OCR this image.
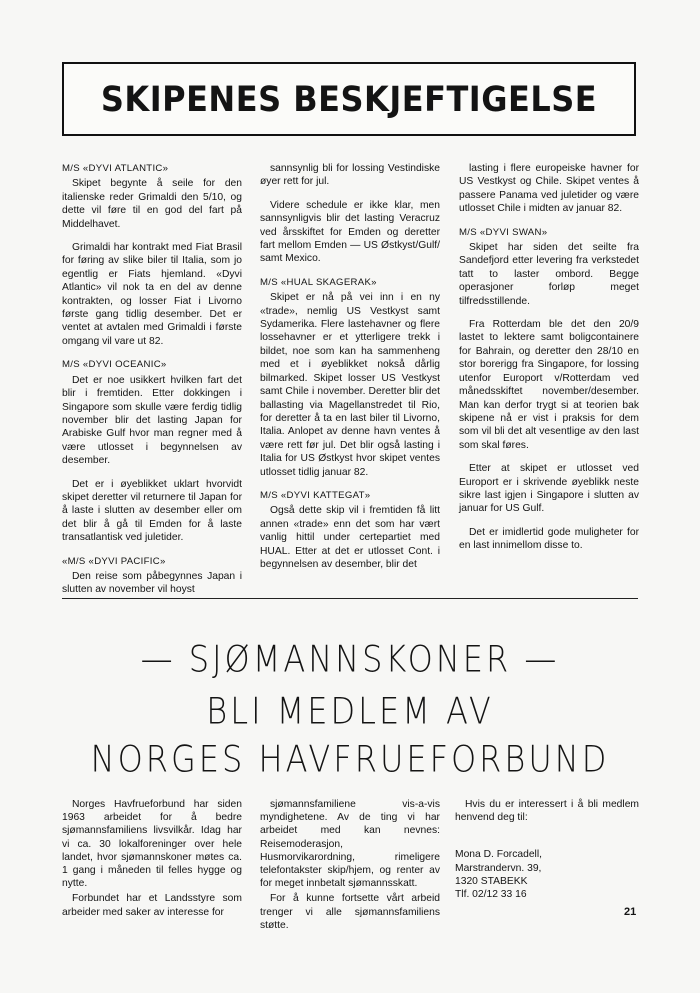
SKIPENES BESKJEFTIGELSE

M/S «DYVI ATLANTIC»

Skipet begynte å seile for den italienske reder Grimaldi den 5/10, og dette vil føre til en god del fart på Middelhavet.

Grimaldi har kontrakt med Fiat Brasil for føring av slike biler til Italia, som jo egentlig er Fiats hjemland. «Dyvi Atlantic» vil nok ta en del av denne kontrakten, og losser Fiat i Livorno første gang tidlig desember. Det er ventet at avtalen med Grimaldi i første omgang vil vare ut 82.

M/S «DYVI OCEANIC»

Det er noe usikkert hvilken fart det blir i fremtiden. Etter dokkingen i Singapore som skulle være ferdig tidlig november blir det lasting Japan for Arabiske Gulf hvor man regner med å være utlosset i begynnelsen av desember.

Det er i øyeblikket uklart hvorvidt skipet deretter vil returnere til Japan for å laste i slutten av desember eller om det blir å gå til Emden for å laste transatlantisk ved juletider.

«M/S «DYVI PACIFIC»

Den reise som påbegynnes Japan i slutten av november vil hoyst

sannsynlig bli for lossing Vestindiske øyer rett for jul.

Videre schedule er ikke klar, men sannsynligvis blir det lasting Veracruz ved årsskiftet for Emden og deretter fart mellom Emden — US Østkyst/Gulf/ samt Mexico.

M/S «HUAL SKAGERAK»

Skipet er nå på vei inn i en ny «trade», nemlig US Vestkyst samt Sydamerika. Flere lastehavner og flere lossehavner er et ytterligere trekk i bildet, noe som kan ha sammenheng med et i øyeblikket nokså dårlig bilmarked. Skipet losser US Vestkyst samt Chile i november. Deretter blir det ballasting via Magellanstredet til Rio, for deretter å ta en last biler til Livorno, Italia. Anlopet av denne havn ventes å være rett før jul. Det blir også lasting i Italia for US Østkyst hvor skipet ventes utlosset tidlig januar 82.

M/S «DYVI KATTEGAT»

Også dette skip vil i fremtiden få litt annen «trade» enn det som har vært vanlig hittil under certepartiet med HUAL. Etter at det er utlosset Cont. i begynnelsen av desember, blir det

lasting i flere europeiske havner for US Vestkyst og Chile. Skipet ventes å passere Panama ved juletider og være utlosset Chile i midten av januar 82.

M/S «DYVI SWAN»

Skipet har siden det seilte fra Sandefjord etter levering fra verkstedet tatt to laster ombord. Begge operasjoner forløp meget tilfredsstillende.

Fra Rotterdam ble det den 20/9 lastet to lektere samt boligcontainere for Bahrain, og deretter den 28/10 en stor borerigg fra Singapore, for lossing utenfor Europort v/Rotterdam ved månedsskiftet november/desember. Man kan derfor trygt si at teorien bak skipene nå er vist i praksis for dem som vil bli det alt vesentlige av den last som skal føres.

Etter at skipet er utlosset ved Europort er i skrivende øyeblikk neste sikre last igjen i Singapore i slutten av januar for US Gulf.

Det er imidlertid gode muligheter for en last innimellom disse to.

— SJØMANNSKONER —
BLI MEDLEM AV
NORGES HAVFRUEFORBUND

Norges Havfrueforbund har siden 1963 arbeidet for å bedre sjømannsfamiliens livsvilkår. Idag har vi ca. 30 lokalforeninger over hele landet, hvor sjømannskoner møtes ca. 1 gang i måneden til felles hygge og nytte.

Forbundet har et Landsstyre som arbeider med saker av interesse for

sjømannsfamiliene vis-a-vis myndighetene. Av de ting vi har arbeidet med kan nevnes: Reisemoderasjon, Husmorvikarordning, rimeligere telefontakster skip/hjem, og renter av for meget innbetalt sjømannsskatt.

For å kunne fortsette vårt arbeid trenger vi alle sjømannsfamiliens støtte.

Hvis du er interessert i å bli medlem henvend deg til:

Mona D. Forcadell,
Marstrandervn. 39,
1320 STABEKK
Tlf. 02/12 33 16
21
